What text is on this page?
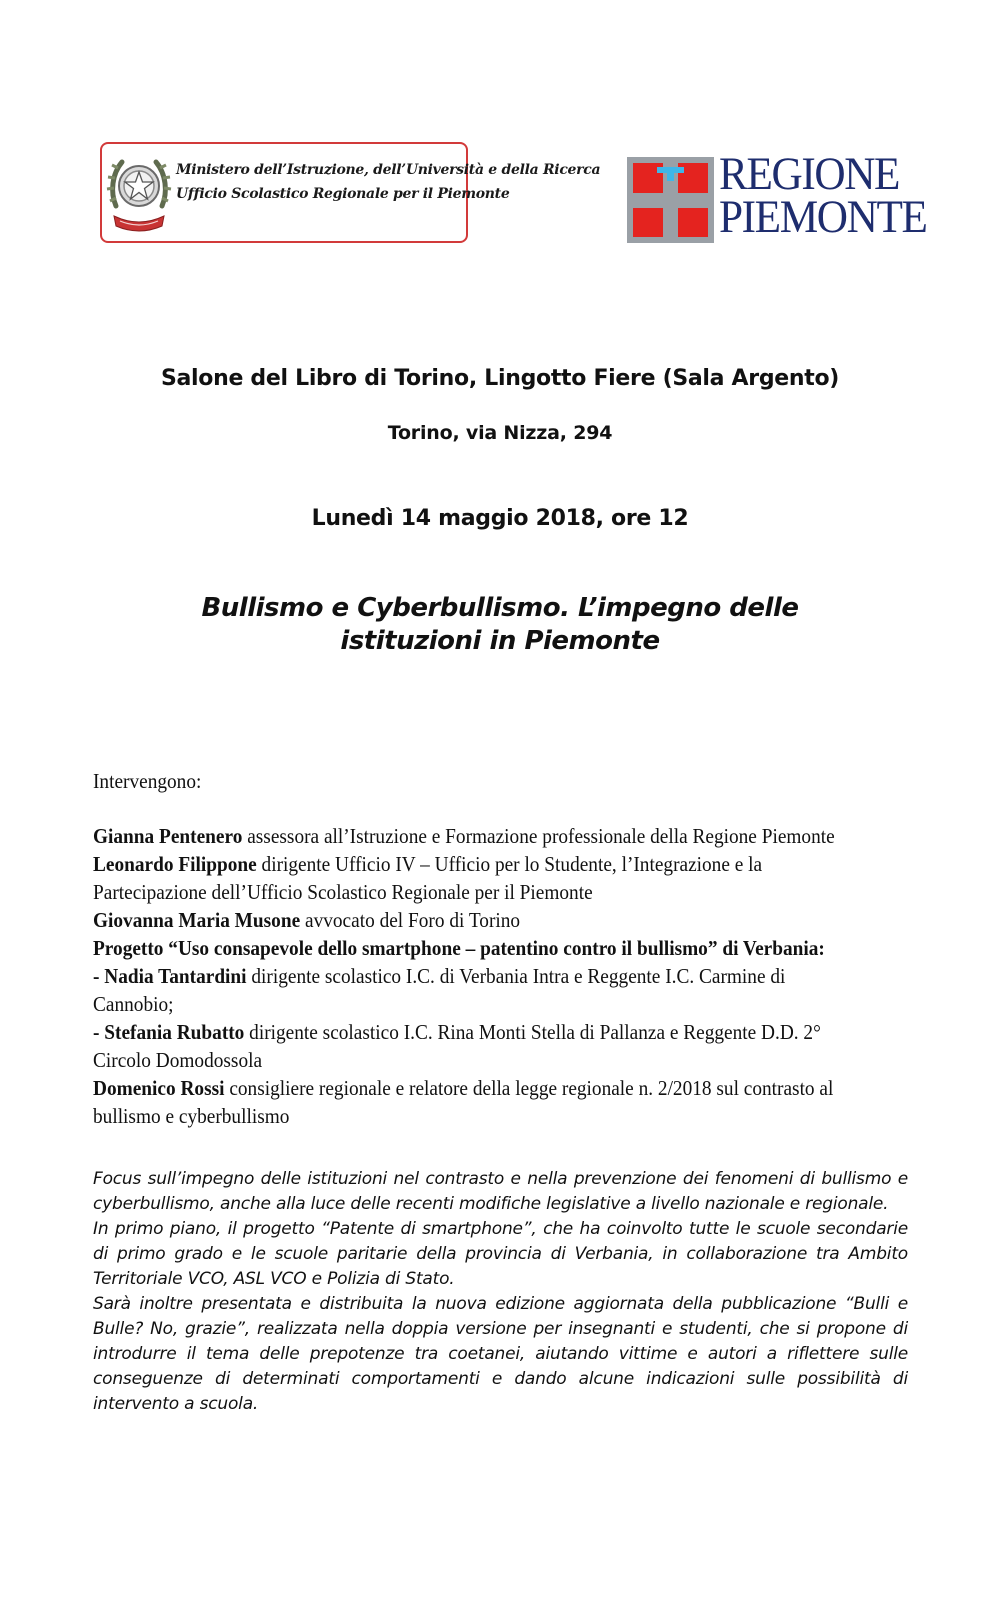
Ministero dell’Istruzione, dell’Università e della Ricerca
Ufficio Scolastico Regionale per il Piemonte	REGIONE
PIEMONTE
Salone del Libro di Torino, Lingotto Fiere (Sala Argento)
Torino, via Nizza, 294
Lunedì 14 maggio 2018, ore 12
Bullismo e Cyberbullismo. L’impegno delle istituzioni in Piemonte
Intervengono:
Gianna Pentenero assessora all’Istruzione e Formazione professionale della Regione Piemonte
Leonardo Filippone dirigente Ufficio IV – Ufficio per lo Studente, l’Integrazione e la Partecipazione dell’Ufficio Scolastico Regionale per il Piemonte
Giovanna Maria Musone avvocato del Foro di Torino
Progetto “Uso consapevole dello smartphone – patentino contro il bullismo” di Verbania:
- Nadia Tantardini dirigente scolastico I.C. di Verbania Intra e Reggente I.C. Carmine di Cannobio;
- Stefania Rubatto dirigente scolastico I.C. Rina Monti Stella di Pallanza e Reggente D.D. 2° Circolo Domodossola
Domenico Rossi consigliere regionale e relatore della legge regionale n. 2/2018 sul contrasto al bullismo e cyberbullismo

Focus sull’impegno delle istituzioni nel contrasto e nella prevenzione dei fenomeni di bullismo e cyberbullismo, anche alla luce delle recenti modifiche legislative a livello nazionale e regionale.

In primo piano, il progetto “Patente di smartphone”, che ha coinvolto tutte le scuole secondarie di primo grado e le scuole paritarie della provincia di Verbania, in collaborazione tra Ambito Territoriale VCO, ASL VCO e Polizia di Stato.

Sarà inoltre presentata e distribuita la nuova edizione aggiornata della pubblicazione “Bulli e Bulle? No, grazie”, realizzata nella doppia versione per insegnanti e studenti, che si propone di introdurre il tema delle prepotenze tra coetanei, aiutando vittime e autori a riflettere sulle conseguenze di determinati comportamenti e dando alcune indicazioni sulle possibilità di intervento a scuola.
